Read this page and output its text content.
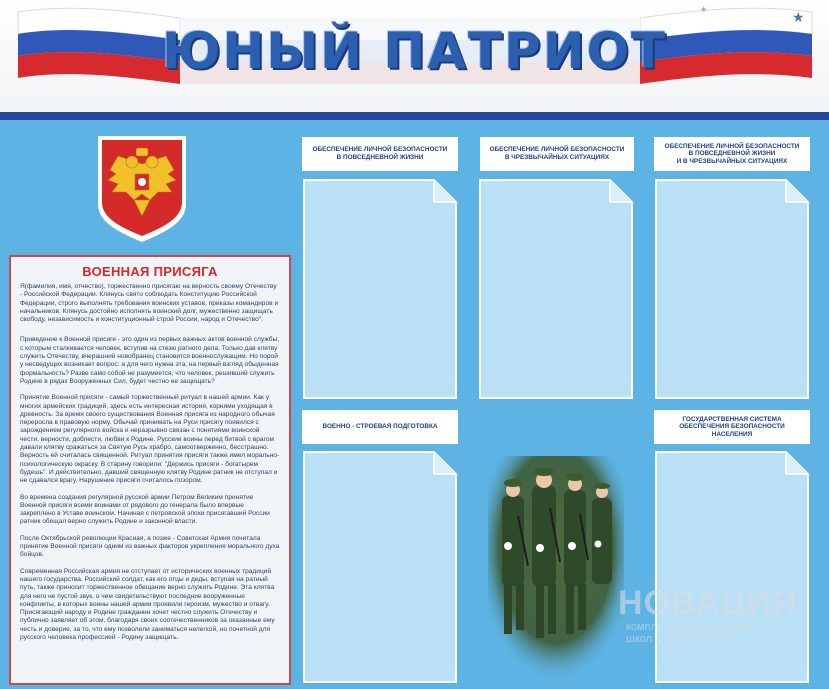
★
★
ЮНЫЙ ПАТРИОТ
ВОЕННАЯ ПРИСЯГА

Я(фамилия, имя, отчество), торжественно присягаю на верность своему Отечеству - Российской Федерации. Клянусь свято соблюдать Конституцию Российской Федерации, строго выполнять требования воинских уставов, приказы командиров и начальников. Клянусь достойно исполнять воинский долг, мужественно защищать свободу, независимость и конституционный строй России, народ и Отечество".

Приведение к Военной присяге - это один из первых важных актов военной службы, с которым сталкивается человек, вступив на стезю ратного дела. Только дав клятву служить Отечеству, вчерашний новобранец становится военнослужащим. Но порой у несведущих возникает вопрос: а для чего нужна эта, на первый взгляд обыденная формальность? Разве само собой не разумеется, что человек, решивший служить Родине в рядах Вооруженных Сил, будет честно ее защищать?

Принятие Военной присяги - самый торжественный ритуал в нашей армии. Как у многих армейских традиций, здесь есть интересная история, корнями уходящая в древность. За время своего существования Военная присяга из народного обычая переросла в правовую норму. Обычай принимать на Руси присягу появился с зарождением регулярного войска и неразрывно связан с понятиями воинской чести, верности, доблести, любви к Родине. Русские воины перед битвой с врагом давали клятву сражаться за Святую Русь храбро, самоотверженно, бесстрашно. Верность ей считалась священной. Ритуал принятия присяги также имел морально-психологическую окраску. В старину говорили: "Держись присяги - богатырем будешь". И действительно, давший священную клятву Родине ратник не отступал и не сдавался врагу. Нарушение присяги считалось позором.

Во времена создания регулярной русской армии Петром Великим принятие Военной присяги всеми воинами от рядового до генерала было впервые закреплено в Уставе воинском. Начиная с петровской эпохи присягавший России ратник обещал верно служить Родине и законной власти.

После Октябрьской революции Красная, а позже - Советская Армия почитала принятие Военной присяги одним из важных факторов укрепления морального духа бойцов.

Современная Российская армия не отступает от исторических военных традиций нашего государства. Российский солдат, как его отцы и деды, вступая на ратный путь, также приносит торжественное обещание верно служить Родине. Эта клятва для него не пустой звук, о чем свидетельствуют последние вооруженные конфликты, в которых воины нашей армии проявили героизм, мужество и отвагу. Присягающий народу и Родине гражданин хочет честно служить Отечеству и публично заявляет об этом, благодаря своих соотечественников за оказанные ему честь и доверие, за то, что ему позволили заниматься нелегкой, но почетной для русского человека профессией - Родину защищать.

ОБЕСПЕЧЕНИЕ ЛИЧНОЙ БЕЗОПАСНОСТИ
В ПОВСЕДНЕВНОЙ ЖИЗНИ
ОБЕСПЕЧЕНИЕ ЛИЧНОЙ БЕЗОПАСНОСТИ
В ЧРЕЗВЫЧАЙНЫХ СИТУАЦИЯХ
ОБЕСПЕЧЕНИЕ ЛИЧНОЙ БЕЗОПАСНОСТИ
В ПОВСЕДНЕВНОЙ ЖИЗНИ
И В ЧРЕЗВЫЧАЙНЫХ СИТУАЦИЯХ
ВОЕННО - СТРОЕВАЯ ПОДГОТОВКА
ГОСУДАРСТВЕННАЯ СИСТЕМА
ОБЕСПЕЧЕНИЯ БЕЗОПАСНОСТИ
НАСЕЛЕНИЯ
НОВАЦИЯ
комплексное оснащение
школ и детских садов
